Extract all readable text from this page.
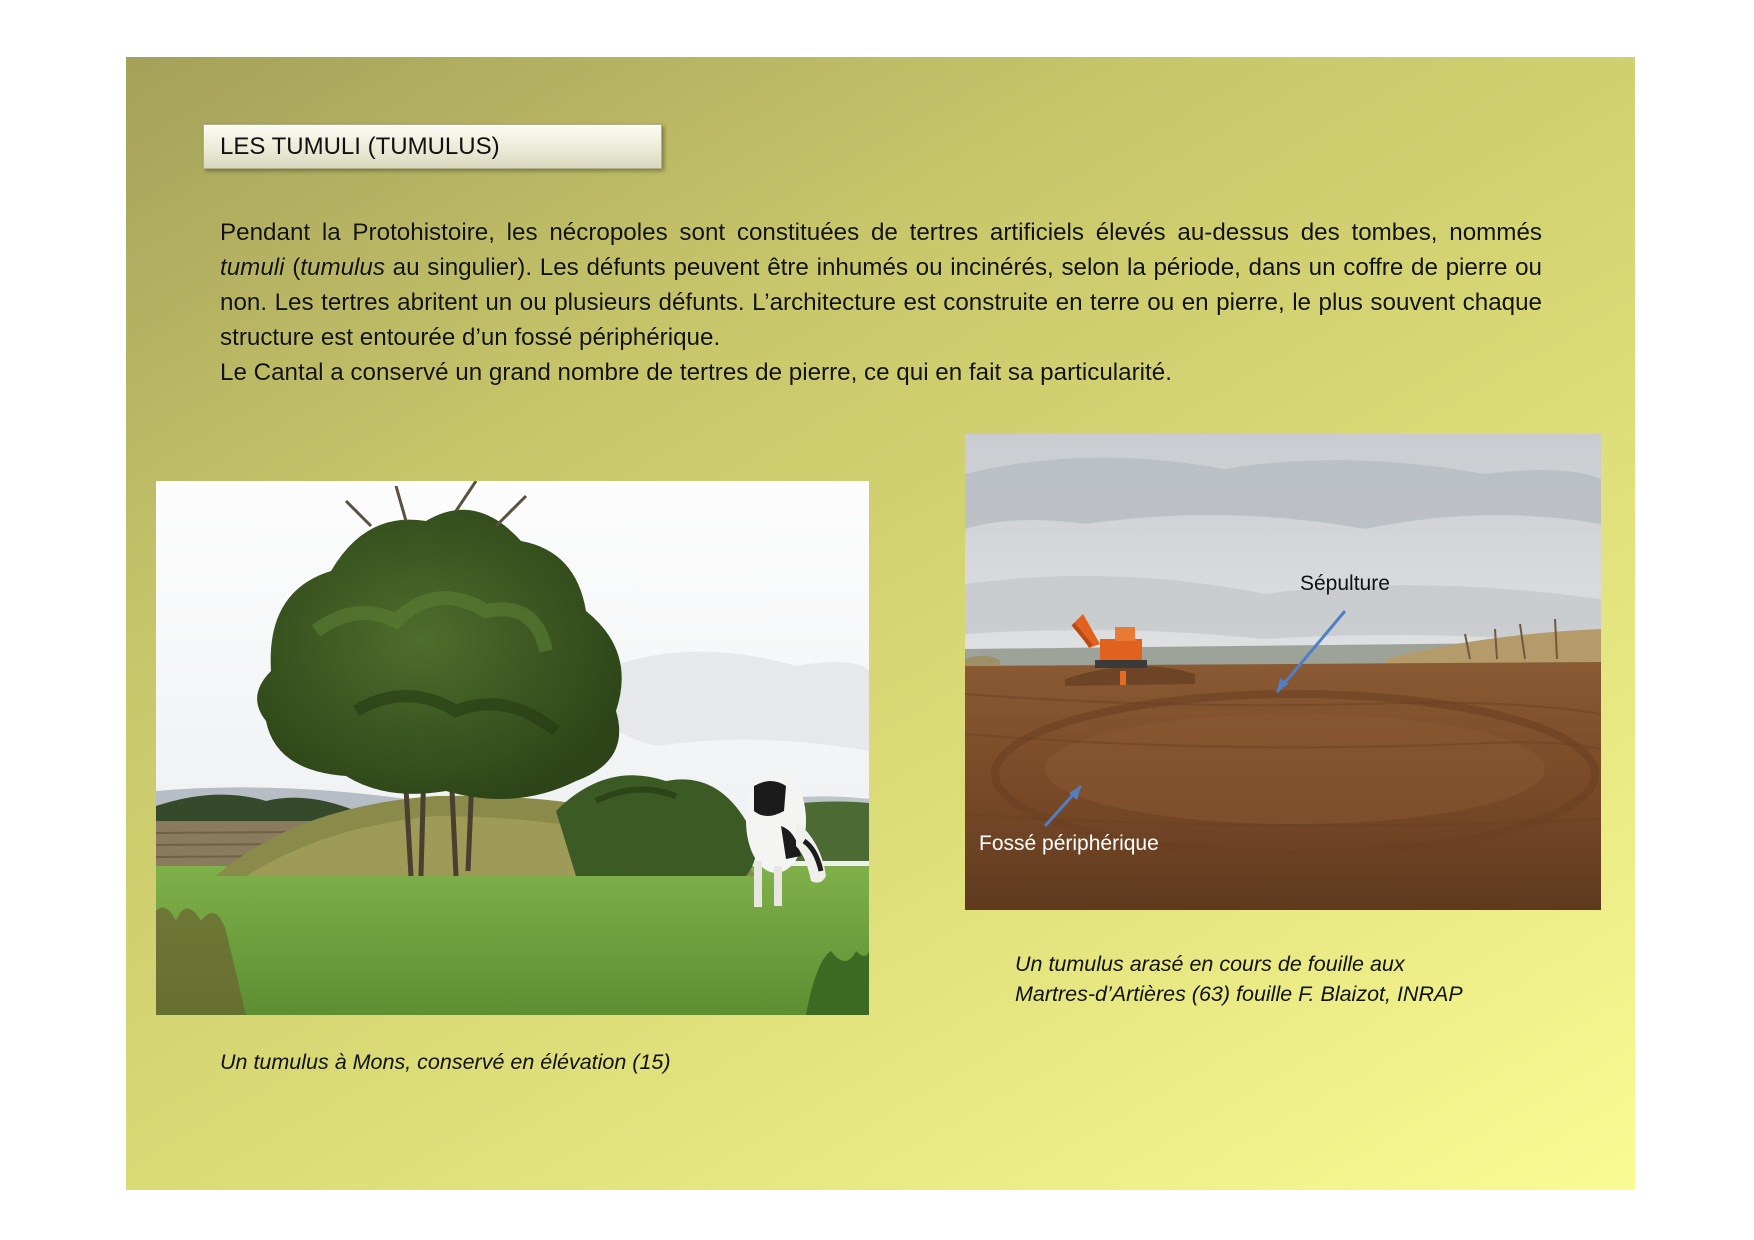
LES TUMULI (TUMULUS)

Pendant la Protohistoire, les nécropoles sont constituées de tertres artificiels élevés au-dessus des tombes, nommés tumuli (tumulus au singulier). Les défunts peuvent être inhumés ou incinérés, selon la période, dans un coffre de pierre ou non. Les tertres abritent un ou plusieurs défunts. L’architecture est construite en terre ou en pierre, le plus souvent chaque structure est entourée d’un fossé périphérique.

Le Cantal a conservé un grand nombre de tertres de pierre, ce qui en fait sa particularité.

Sépulture
Fossé périphérique
Un tumulus à Mons, conservé en élévation (15)
Un tumulus arasé en cours de fouille aux
Martres-d’Artières (63) fouille F. Blaizot, INRAP
